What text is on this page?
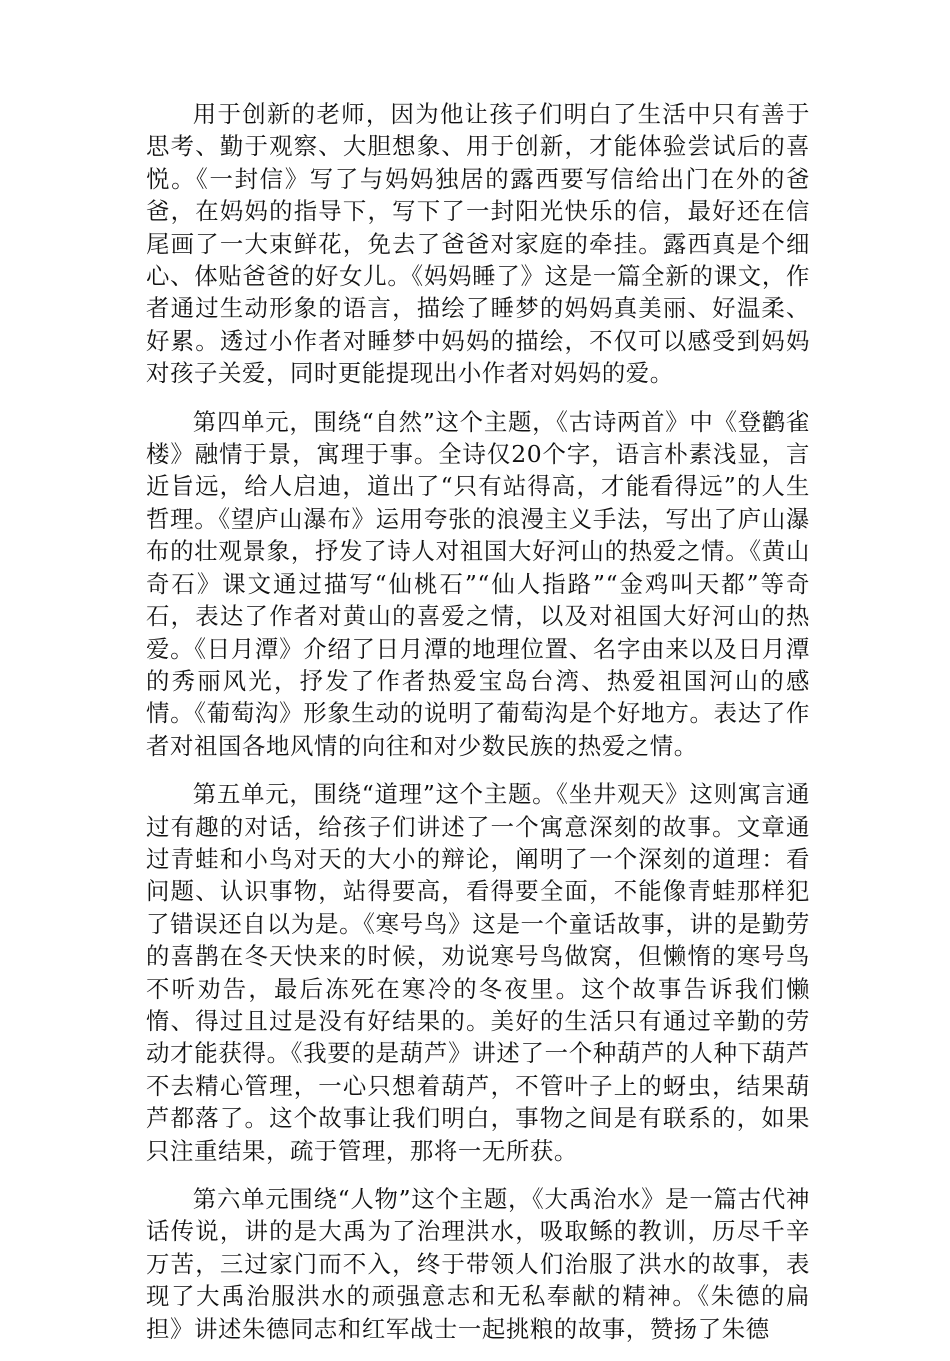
用于创新的老师，因为他让孩子们明白了生活中只有善于思考、勤于观察、大胆想象、用于创新，才能体验尝试后的喜悦。《一封信》写了与妈妈独居的露西要写信给出门在外的爸爸，在妈妈的指导下，写下了一封阳光快乐的信，最好还在信尾画了一大束鲜花，免去了爸爸对家庭的牵挂。露西真是个细心、体贴爸爸的好女儿。《妈妈睡了》这是一篇全新的课文，作者通过生动形象的语言，描绘了睡梦的妈妈真美丽、好温柔、好累。透过小作者对睡梦中妈妈的描绘，不仅可以感受到妈妈对孩子关爱，同时更能提现出小作者对妈妈的爱。

第四单元，围绕“自然”这个主题，《古诗两首》中《登鹳雀楼》融情于景，寓理于事。全诗仅20个字，语言朴素浅显，言近旨远，给人启迪，道出了“只有站得高，才能看得远”的人生哲理。《望庐山瀑布》运用夸张的浪漫主义手法，写出了庐山瀑布的壮观景象，抒发了诗人对祖国大好河山的热爱之情。《黄山奇石》课文通过描写“仙桃石”“仙人指路”“金鸡叫天都”等奇石，表达了作者对黄山的喜爱之情，以及对祖国大好河山的热爱。《日月潭》介绍了日月潭的地理位置、名字由来以及日月潭的秀丽风光，抒发了作者热爱宝岛台湾、热爱祖国河山的感情。《葡萄沟》形象生动的说明了葡萄沟是个好地方。表达了作者对祖国各地风情的向往和对少数民族的热爱之情。

第五单元，围绕“道理”这个主题。《坐井观天》这则寓言通过有趣的对话，给孩子们讲述了一个寓意深刻的故事。文章通过青蛙和小鸟对天的大小的辩论，阐明了一个深刻的道理：看问题、认识事物，站得要高，看得要全面，不能像青蛙那样犯了错误还自以为是。《寒号鸟》这是一个童话故事，讲的是勤劳的喜鹊在冬天快来的时候，劝说寒号鸟做窝，但懒惰的寒号鸟不听劝告，最后冻死在寒冷的冬夜里。这个故事告诉我们懒惰、得过且过是没有好结果的。美好的生活只有通过辛勤的劳动才能获得。《我要的是葫芦》讲述了一个种葫芦的人种下葫芦不去精心管理，一心只想着葫芦，不管叶子上的蚜虫，结果葫芦都落了。这个故事让我们明白，事物之间是有联系的，如果只注重结果，疏于管理，那将一无所获。

第六单元围绕“人物”这个主题，《大禹治水》是一篇古代神话传说，讲的是大禹为了治理洪水，吸取鲧的教训，历尽千辛万苦，三过家门而不入，终于带领人们治服了洪水的故事，表现了大禹治服洪水的顽强意志和无私奉献的精神。《朱德的扁担》讲述朱德同志和红军战士一起挑粮的故事，赞扬了朱德
